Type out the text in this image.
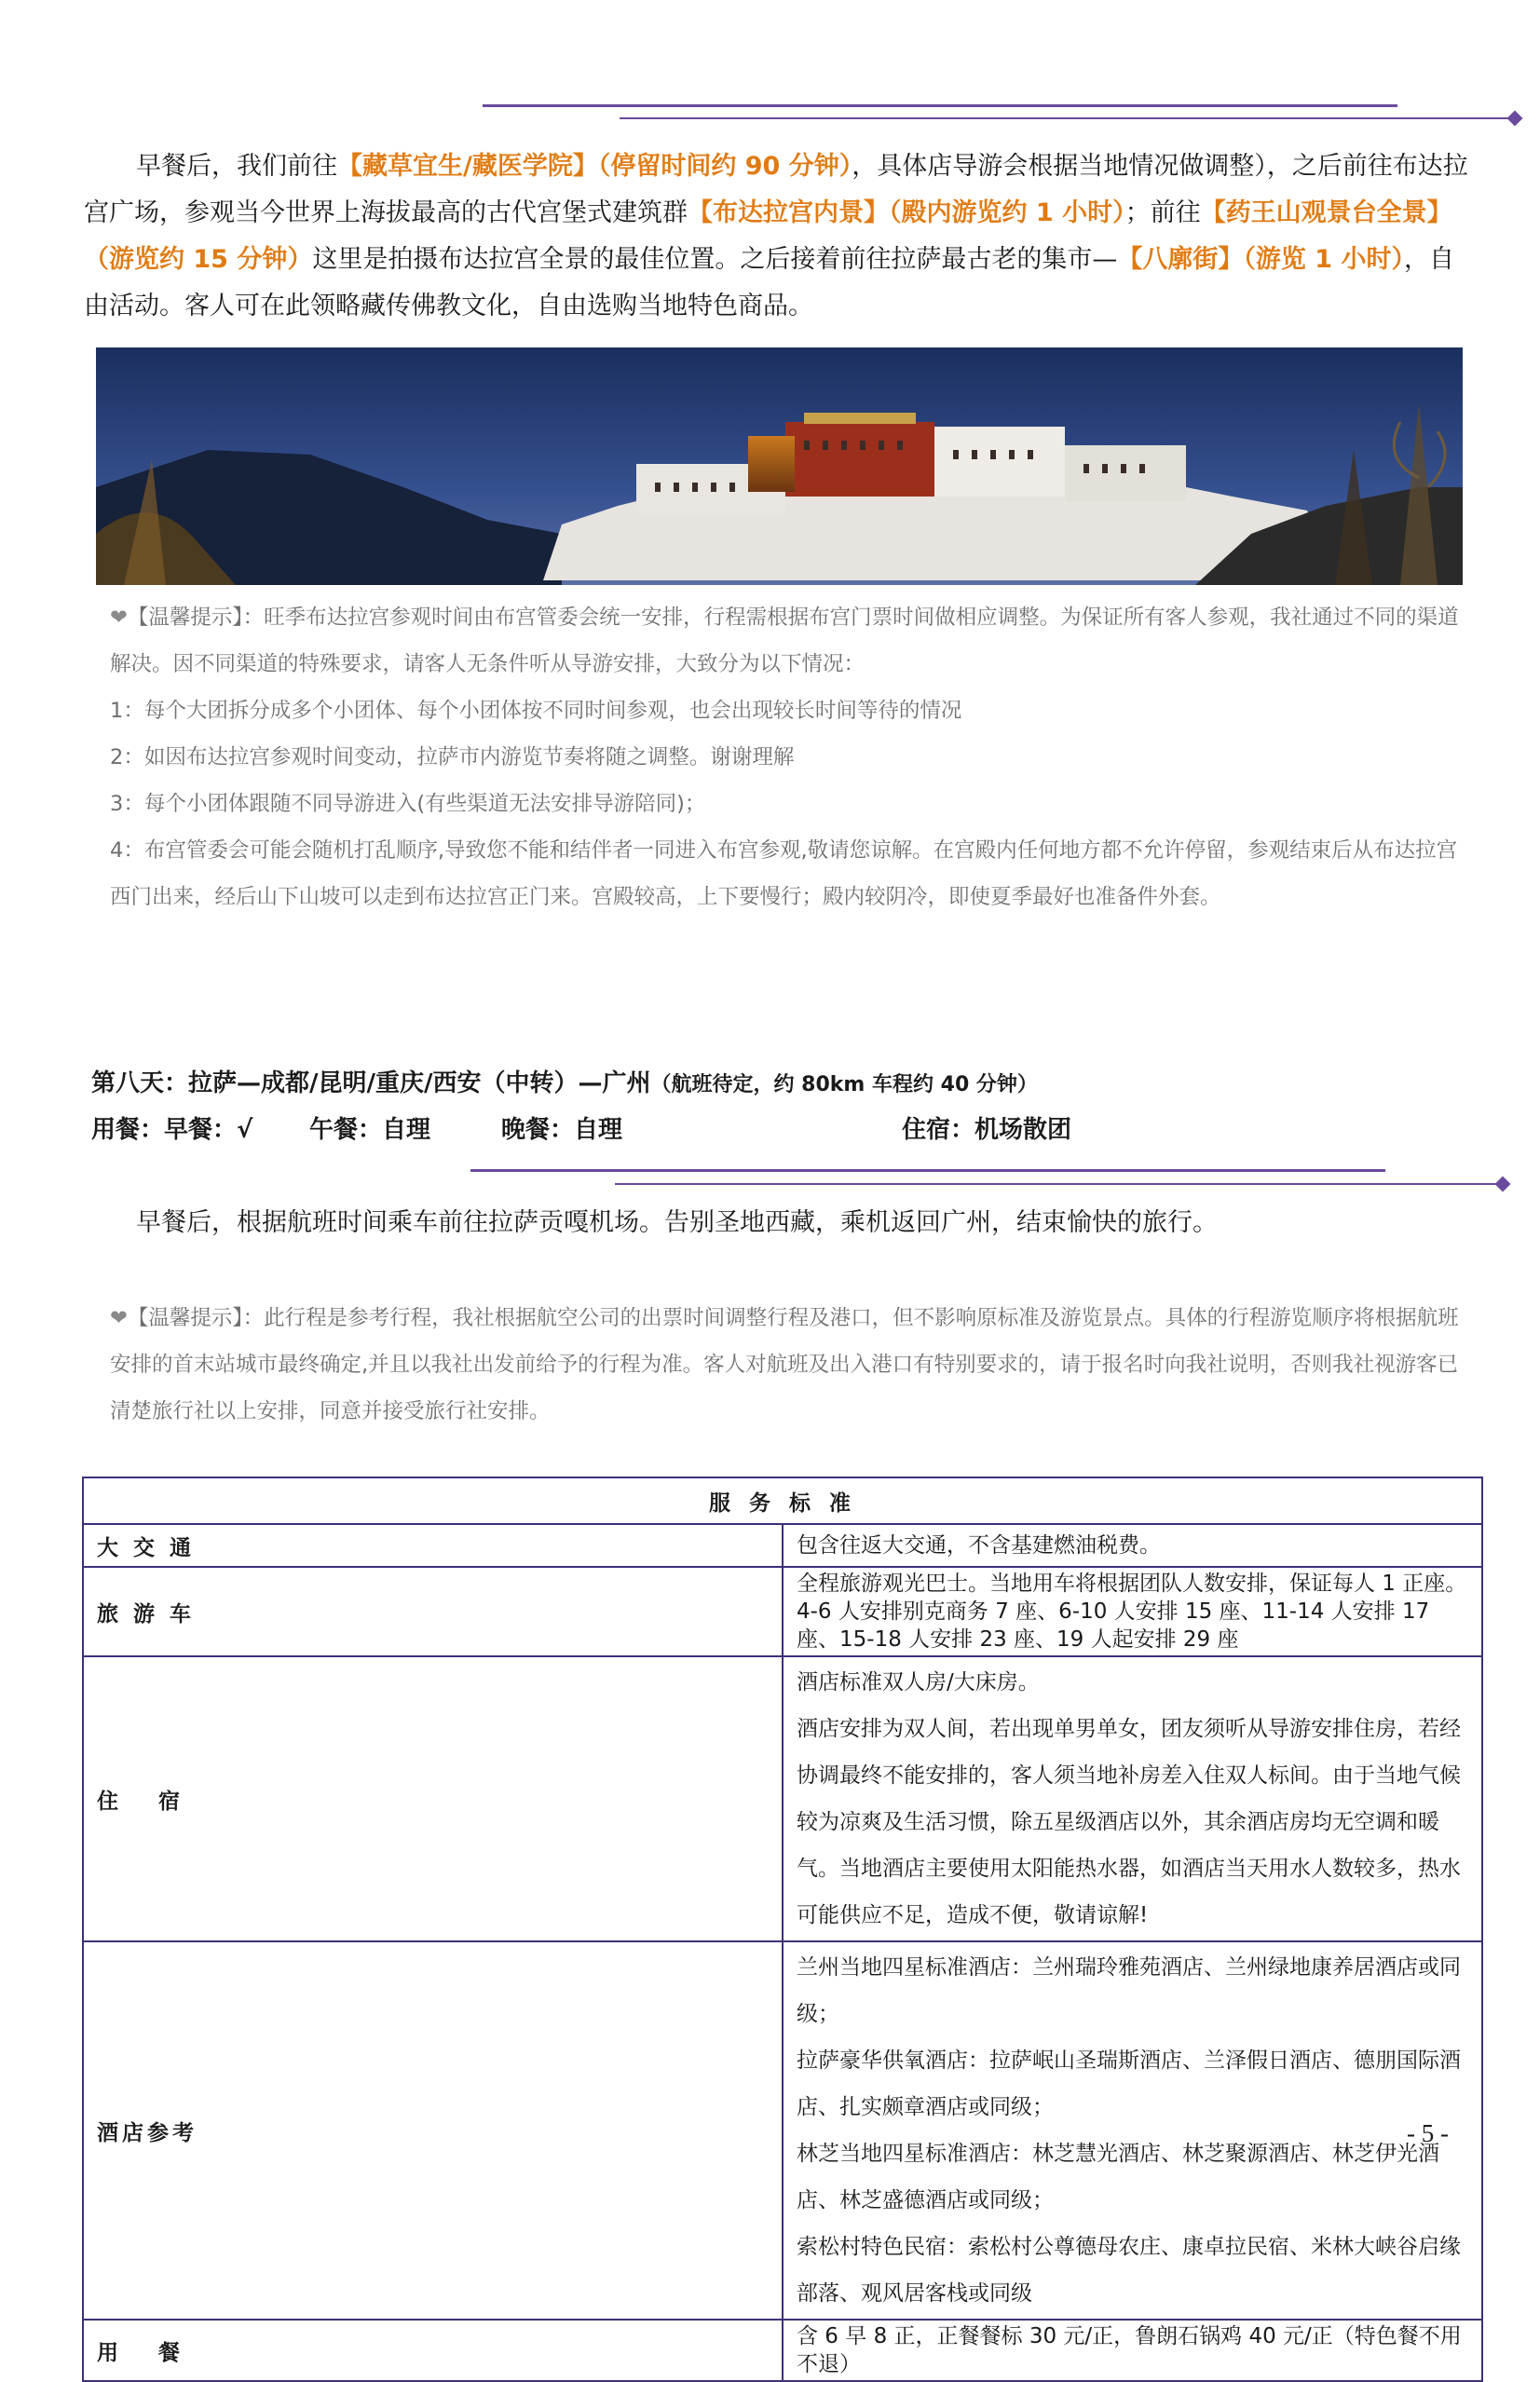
早餐后，我们前往【藏草宜生/藏医学院】（停留时间约 90 分钟），具体店导游会根据当地情况做调整），之后前往布达拉宫广场，参观当今世界上海拔最高的古代宫堡式建筑群【布达拉宫内景】（殿内游览约 1 小时）；前往【药王山观景台全景】（游览约 15 分钟）这里是拍摄布达拉宫全景的最佳位置。之后接着前往拉萨最古老的集市—【八廓街】（游览 1 小时），自由活动。客人可在此领略藏传佛教文化，自由选购当地特色商品。

❤【温馨提示】：旺季布达拉宫参观时间由布宫管委会统一安排，行程需根据布宫门票时间做相应调整。为保证所有客人参观，我社通过不同的渠道解决。因不同渠道的特殊要求，请客人无条件听从导游安排，大致分为以下情况：

1：每个大团拆分成多个小团体、每个小团体按不同时间参观，也会出现较长时间等待的情况

2：如因布达拉宫参观时间变动，拉萨市内游览节奏将随之调整。谢谢理解

3：每个小团体跟随不同导游进入(有些渠道无法安排导游陪同)；

4：布宫管委会可能会随机打乱顺序,导致您不能和结伴者一同进入布宫参观,敬请您谅解。在宫殿内任何地方都不允许停留，参观结束后从布达拉宫西门出来，经后山下山坡可以走到布达拉宫正门来。宫殿较高，上下要慢行；殿内较阴冷，即使夏季最好也准备件外套。

第八天：拉萨—成都/昆明/重庆/西安（中转）—广州（航班待定，约 80km 车程约 40 分钟）
用餐：早餐：√ 午餐：自理	晚餐：自理	住宿：机场散团

早餐后，根据航班时间乘车前往拉萨贡嘎机场。告别圣地西藏，乘机返回广州，结束愉快的旅行。

❤【温馨提示】：此行程是参考行程，我社根据航空公司的出票时间调整行程及港口，但不影响原标准及游览景点。具体的行程游览顺序将根据航班安排的首末站城市最终确定,并且以我社出发前给予的行程为准。客人对航班及出入港口有特别要求的，请于报名时向我社说明，否则我社视游客已清楚旅行社以上安排，同意并接受旅行社安排。

服 务 标 准	
大 交 通	包含往返大交通，不含基建燃油税费。

旅 游 车	全程旅游观光巴士。当地用车将根据团队人数安排，保证每人 1 正座。

4-6 人安排别克商务 7 座、6-10 人安排 15 座、11-14 人安排 17 座、15-18 人安排 23 座、19 人起安排 29 座

住　 宿	酒店标准双人房/大床房。

酒店安排为双人间，若出现单男单女，团友须听从导游安排住房，若经协调最终不能安排的，客人须当地补房差入住双人标间。由于当地气候较为凉爽及生活习惯，除五星级酒店以外，其余酒店房均无空调和暖气。当地酒店主要使用太阳能热水器，如酒店当天用水人数较多，热水可能供应不足，造成不便，敬请谅解!

酒店参考	兰州当地四星标准酒店：兰州瑞玲雅苑酒店、兰州绿地康养居酒店或同级；

拉萨豪华供氧酒店：拉萨岷山圣瑞斯酒店、兰泽假日酒店、德朋国际酒店、扎实颇章酒店或同级；

林芝当地四星标准酒店：林芝慧光酒店、林芝聚源酒店、林芝伊光酒店、林芝盛德酒店或同级；

索松村特色民宿：索松村公尊德母农庄、康卓拉民宿、米林大峡谷启缘部落、观风居客栈或同级

用　 餐	含 6 早 8 正，正餐餐标 30 元/正，鲁朗石锅鸡 40 元/正（特色餐不用不退）

- 5 -
